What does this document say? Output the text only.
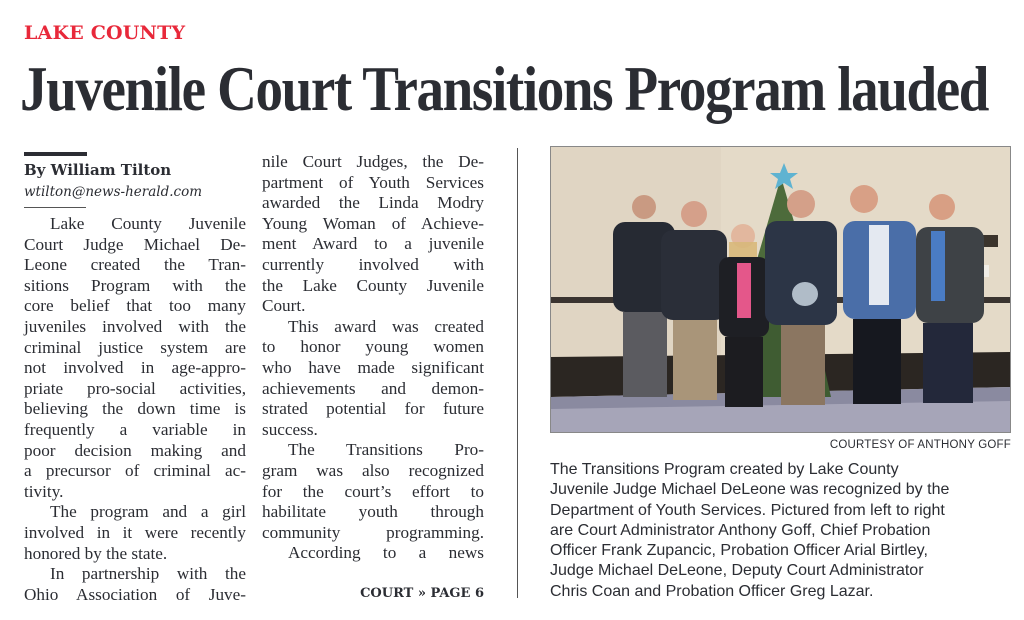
LAKE COUNTY
Juvenile Court Transitions Program lauded
By William Tilton
wtilton@news-herald.com
Lake County Juvenile
Court Judge Michael De-
Leone created the Tran-
sitions Program with the
core belief that too many
juveniles involved with the
criminal justice system are
not involved in age-appro-
priate pro-social activities,
believing the down time is
frequently a variable in
poor decision making and
a precursor of criminal ac-
tivity.
The program and a girl
involved in it were recently
honored by the state.
In partnership with the
Ohio Association of Juve-
nile Court Judges, the De-
partment of Youth Services
awarded the Linda Modry
Young Woman of Achieve-
ment Award to a juvenile
currently involved with
the Lake County Juvenile
Court.
This award was created
to honor young women
who have made significant
achievements and demon-
strated potential for future
success.
The Transitions Pro-
gram was also recognized
for the court’s effort to
habilitate youth through
community programming.
According to a news
COURT » PAGE 6
COURTESY OF ANTHONY GOFF
The Transitions Program created by Lake County
Juvenile Judge Michael DeLeone was recognized by the
Department of Youth Services. Pictured from left to right
are Court Administrator Anthony Goff, Chief Probation
Officer Frank Zupancic, Probation Officer Arial Birtley,
Judge Michael DeLeone, Deputy Court Administrator
Chris Coan and Probation Officer Greg Lazar.
